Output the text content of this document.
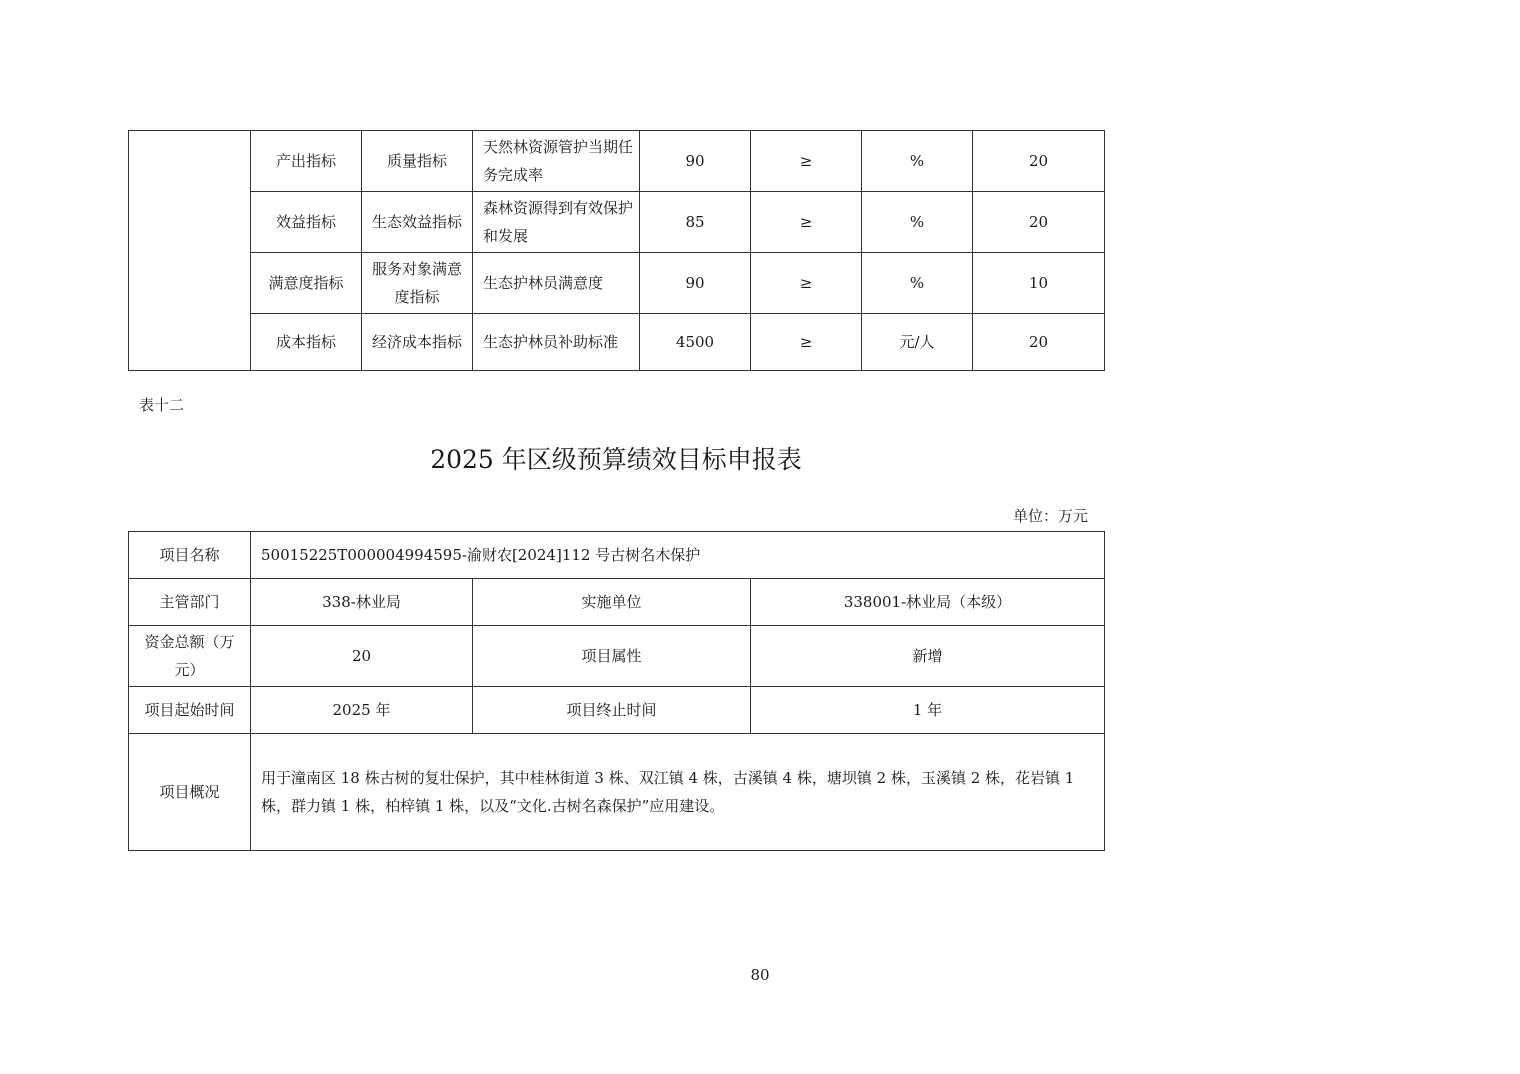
	产出指标	质量指标	天然林资源管护当期任务完成率	90	≥	%	20
	效益指标	生态效益指标	森林资源得到有效保护和发展	85	≥	%	20
	满意度指标	服务对象满意度指标	生态护林员满意度	90	≥	%	10
	成本指标	经济成本指标	生态护林员补助标准	4500	≥	元/人	20
表十二
2025 年区级预算绩效目标申报表
单位：万元
项目名称	50015225T000004994595-渝财农[2024]112 号古树名木保护		
主管部门	338-林业局	实施单位	338001-林业局（本级）
资金总额（万元）	20	项目属性	新增
项目起始时间	2025 年	项目终止时间	1 年
项目概况	用于潼南区 18 株古树的复壮保护，其中桂林街道 3 株、双江镇 4 株，古溪镇 4 株，塘坝镇 2 株，玉溪镇 2 株，花岩镇 1 株，群力镇 1 株，柏梓镇 1 株，以及“文化.古树名森保护”应用建设。		
80
